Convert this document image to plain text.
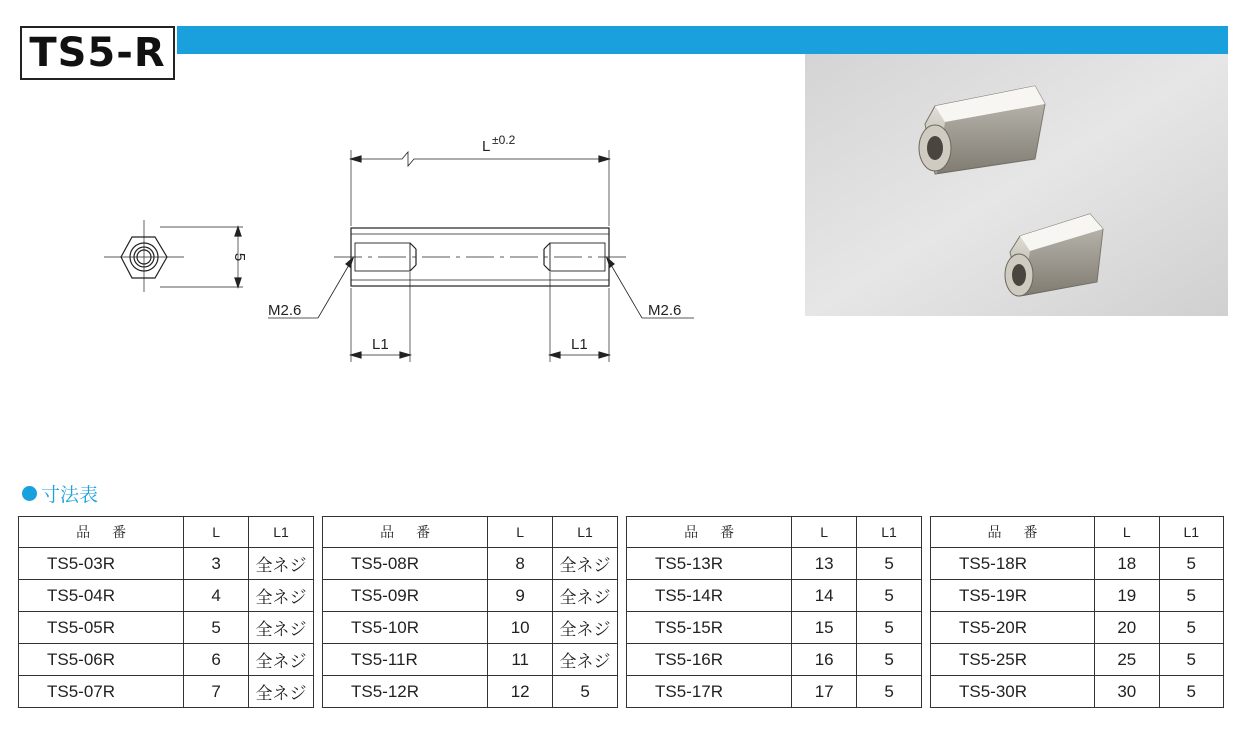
TS5-R
L ±0.2
5
M2.6	M2.6
L1	L1
寸法表
品番	L	L1
TS5-03R	3	全ネジ
TS5-04R	4	全ネジ
TS5-05R	5	全ネジ
TS5-06R	6	全ネジ
TS5-07R	7	全ネジ
品番	L	L1
TS5-08R	8	全ネジ
TS5-09R	9	全ネジ
TS5-10R	10	全ネジ
TS5-11R	11	全ネジ
TS5-12R	12	5
品番	L	L1
TS5-13R	13	5
TS5-14R	14	5
TS5-15R	15	5
TS5-16R	16	5
TS5-17R	17	5
品番	L	L1
TS5-18R	18	5
TS5-19R	19	5
TS5-20R	20	5
TS5-25R	25	5
TS5-30R	30	5
